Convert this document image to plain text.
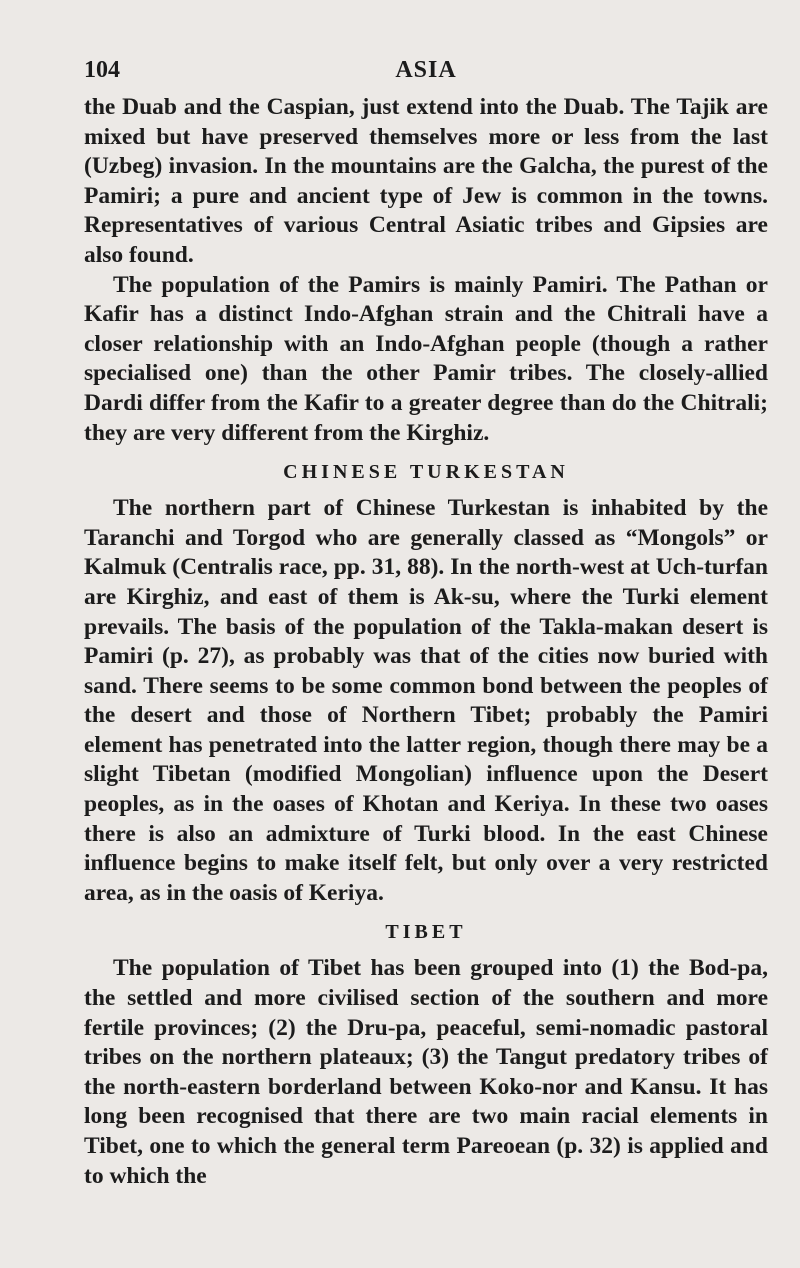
104	ASIA

the Duab and the Caspian, just extend into the Duab. The Tajik are mixed but have preserved themselves more or less from the last (Uzbeg) invasion. In the mountains are the Galcha, the purest of the Pamiri; a pure and ancient type of Jew is common in the towns. Representatives of various Central Asiatic tribes and Gipsies are also found.

The population of the Pamirs is mainly Pamiri. The Pathan or Kafir has a distinct Indo-Afghan strain and the Chitrali have a closer relationship with an Indo-Afghan people (though a rather specialised one) than the other Pamir tribes. The closely-allied Dardi differ from the Kafir to a greater degree than do the Chitrali; they are very different from the Kirghiz.

CHINESE TURKESTAN

The northern part of Chinese Turkestan is inhabited by the Taranchi and Torgod who are generally classed as “Mongols” or Kalmuk (Centralis race, pp. 31, 88). In the north-west at Uch-turfan are Kirghiz, and east of them is Ak-su, where the Turki element prevails. The basis of the population of the Takla-makan desert is Pamiri (p. 27), as probably was that of the cities now buried with sand. There seems to be some common bond between the peoples of the desert and those of Northern Tibet; probably the Pamiri element has penetrated into the latter region, though there may be a slight Tibetan (modified Mongolian) influence upon the Desert peoples, as in the oases of Khotan and Keriya. In these two oases there is also an admixture of Turki blood. In the east Chinese influence begins to make itself felt, but only over a very restricted area, as in the oasis of Keriya.

TIBET

The population of Tibet has been grouped into (1) the Bod-pa, the settled and more civilised section of the southern and more fertile provinces; (2) the Dru-pa, peaceful, semi-nomadic pastoral tribes on the northern plateaux; (3) the Tangut predatory tribes of the north-eastern borderland between Koko-nor and Kansu. It has long been recognised that there are two main racial elements in Tibet, one to which the general term Pareoean (p. 32) is applied and to which the
